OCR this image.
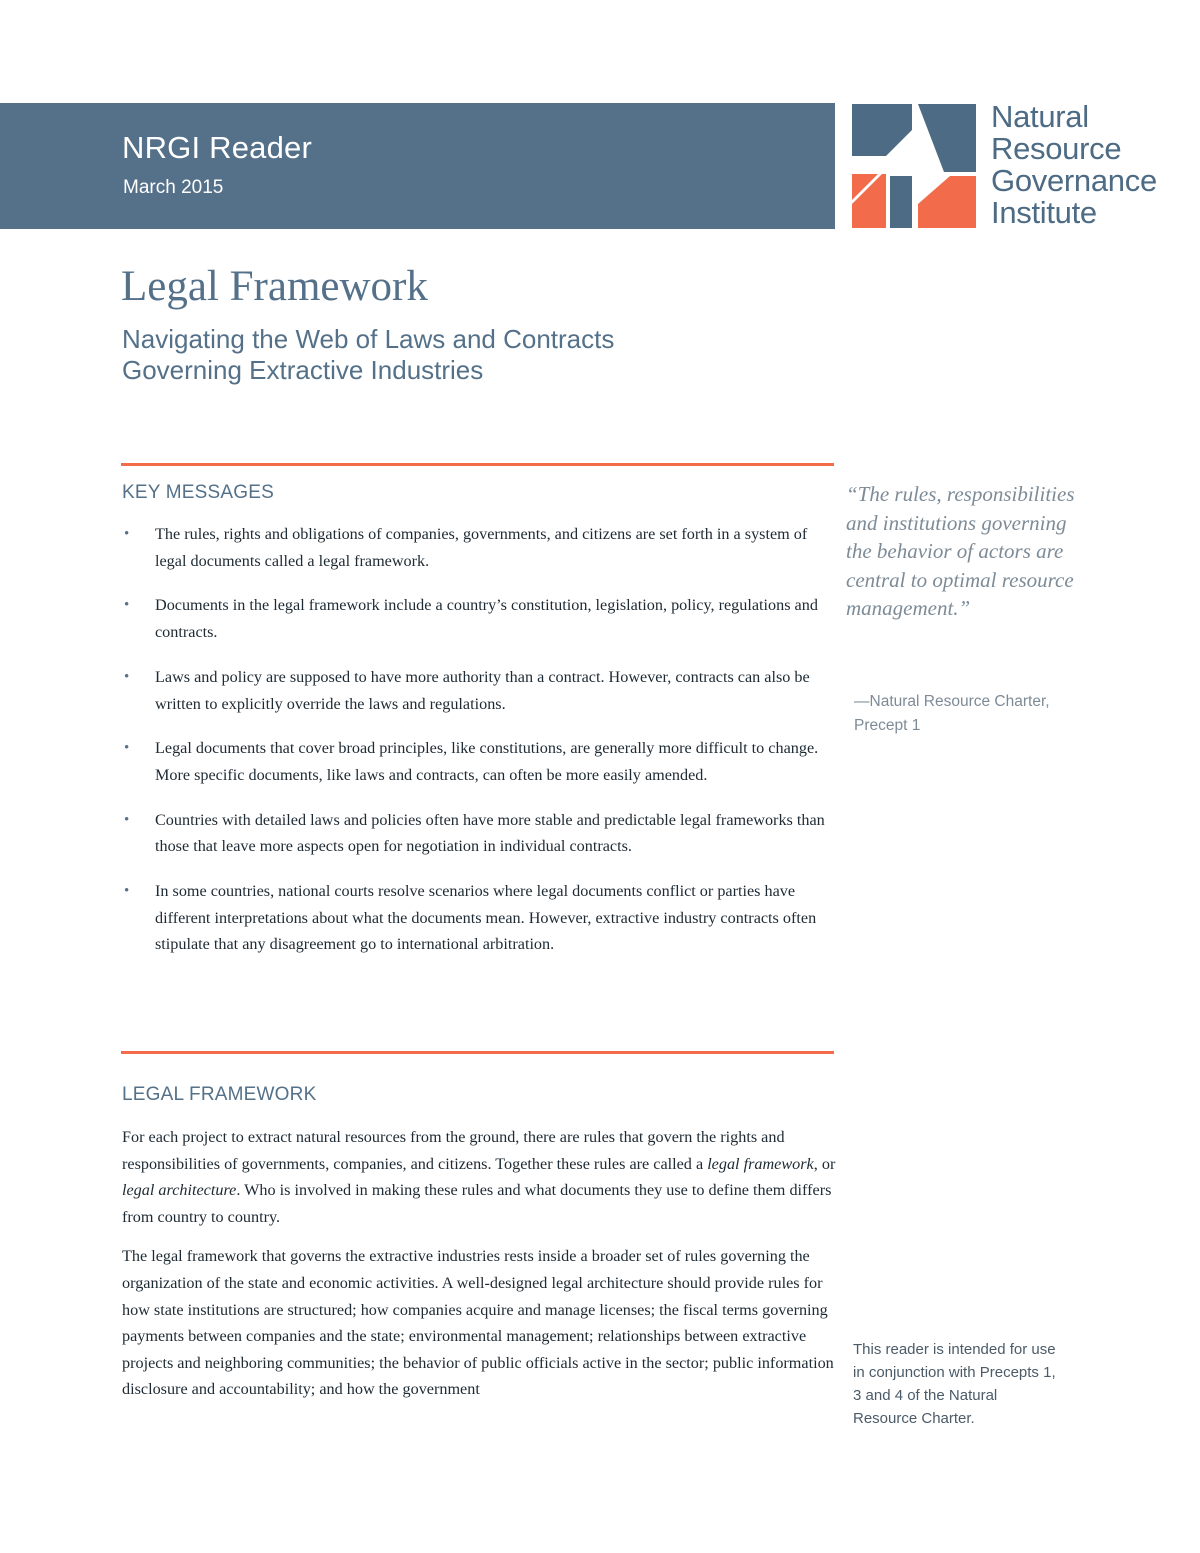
NRGI Reader
March 2015
Natural
Resource
Governance
Institute
Legal Framework
Navigating the Web of Laws and Contracts
Governing Extractive Industries
KEY MESSAGES
• The rules, rights and obligations of companies, governments, and citizens are set forth in a system of legal documents called a legal framework.
• Documents in the legal framework include a country’s constitution, legislation, policy, regulations and contracts.
• Laws and policy are supposed to have more authority than a contract. However, contracts can also be written to explicitly override the laws and regulations.
• Legal documents that cover broad principles, like constitutions, are generally more difficult to change. More specific documents, like laws and contracts, can often be more easily amended.
• Countries with detailed laws and policies often have more stable and predictable legal frameworks than those that leave more aspects open for negotiation in individual contracts.
• In some countries, national courts resolve scenarios where legal documents conflict or parties have different interpretations about what the documents mean. However, extractive industry contracts often stipulate that any disagreement go to international arbitration.
LEGAL FRAMEWORK

For each project to extract natural resources from the ground, there are rules that govern the rights and responsibilities of governments, companies, and citizens. Together these rules are called a legal framework, or legal architecture. Who is involved in making these rules and what documents they use to define them differs from country to country.

The legal framework that governs the extractive industries rests inside a broader set of rules governing the organization of the state and economic activities. A well-designed legal architecture should provide rules for how state institutions are structured; how companies acquire and manage licenses; the fiscal terms governing payments between companies and the state; environmental management; relationships between extractive projects and neighboring communities; the behavior of public officials active in the sector; public information disclosure and accountability; and how the government

“The rules, responsibilities and institutions governing the behavior of actors are central to optimal resource management.”
—Natural Resource Charter,
Precept 1
This reader is intended for use in conjunction with Precepts 1, 3 and 4 of the Natural Resource Charter.
